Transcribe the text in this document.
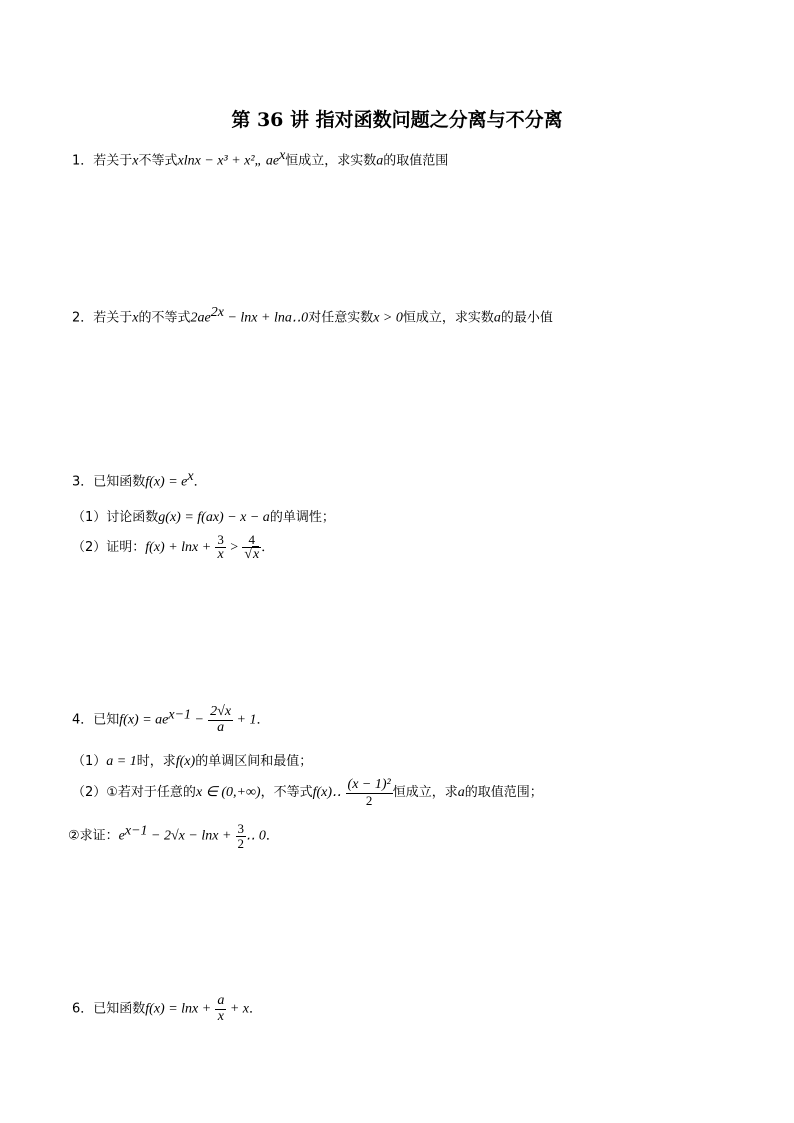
第 36 讲 指对函数问题之分离与不分离
1．若关于x不等式xlnx − x³ + x²„ $ae^x$恒成立，求实数a的取值范围
2．若关于x的不等式$2ae^{2x} - \ln x$ + lna‥0对任意实数x > 0恒成立，求实数a的最小值
3．已知函数$f(x) = e^x$．
（1）讨论函数g(x) = f(ax) − x − a的单调性；
（2）证明：$f(x) + \ln x + \frac{3}{x} > \frac{4}{√x}$ ．
4．已知$f(x) = ae^{x-1} - \frac{2√x}{a} + 1$．
（1）a = 1时，求f(x)的单调区间和最值；
（2）①若对于任意的x ∈ (0,+∞)，不等式f(x)‥ $\frac{\text{(x − 1)²}}{2}$ 恒成立，求a的取值范围；
②求证：$e^{x-1} - 2√x - \ln x + \frac{3}{2}$ ‥ 0．
6．已知函数$f(x) = \ln x + \frac{a}{x} + x$．
